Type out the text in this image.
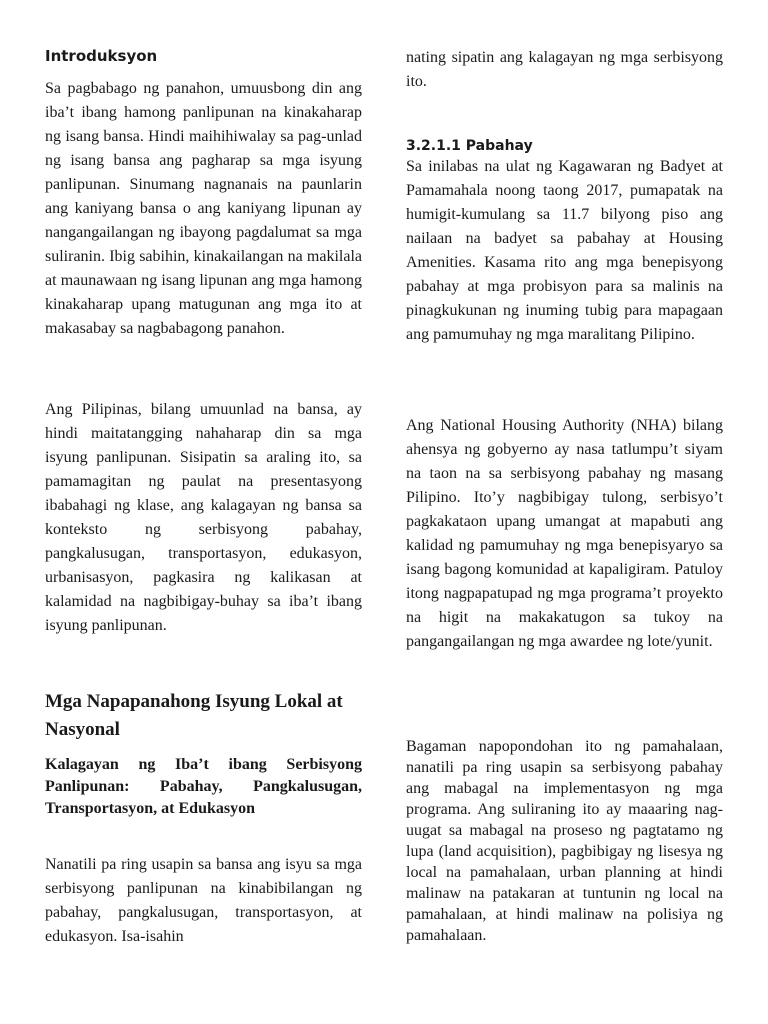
Introduksyon

Sa pagbabago ng panahon, umuusbong din ang iba’t ibang hamong panlipunan na kinakaharap ng isang bansa. Hindi maihihiwalay sa pag-unlad ng isang bansa ang pagharap sa mga isyung panlipunan. Sinumang nagnanais na paunlarin ang kaniyang bansa o ang kaniyang lipunan ay nangangailangan ng ibayong pagdalumat sa mga suliranin. Ibig sabihin, kinakailangan na makilala at maunawaan ng isang lipunan ang mga hamong kinakaharap upang matugunan ang mga ito at makasabay sa nagbabagong panahon.

Ang Pilipinas, bilang umuunlad na bansa, ay hindi maitatangging nahaharap din sa mga isyung panlipunan. Sisipatin sa araling ito, sa pamamagitan ng paulat na presentasyong ibabahagi ng klase, ang kalagayan ng bansa sa konteksto ng serbisyong pabahay, pangkalusugan, transportasyon, edukasyon, urbanisasyon, pagkasira ng kalikasan at kalamidad na nagbibigay-buhay sa iba’t ibang isyung panlipunan.

Mga Napapanahong Isyung Lokal at Nasyonal
Kalagayan ng Iba’t ibang Serbisyong Panlipunan: Pabahay, Pangkalusugan, Transportasyon, at Edukasyon

Nanatili pa ring usapin sa bansa ang isyu sa mga serbisyong panlipunan na kinabibilangan ng pabahay, pangkalusugan, transportasyon, at edukasyon. Isa-isahin

nating sipatin ang kalagayan ng mga serbisyong ito.

3.2.1.1 Pabahay

Sa inilabas na ulat ng Kagawaran ng Badyet at Pamamahala noong taong 2017, pumapatak na humigit-kumulang sa 11.7 bilyong piso ang nailaan na badyet sa pabahay at Housing Amenities. Kasama rito ang mga benepisyong pabahay at mga probisyon para sa malinis na pinagkukunan ng inuming tubig para mapagaan ang pamumuhay ng mga maralitang Pilipino.

Ang National Housing Authority (NHA) bilang ahensya ng gobyerno ay nasa tatlumpu’t siyam na taon na sa serbisyong pabahay ng masang Pilipino. Ito’y nagbibigay tulong, serbisyo’t pagkakataon upang umangat at mapabuti ang kalidad ng pamumuhay ng mga benepisyaryo sa isang bagong komunidad at kapaligiram. Patuloy itong nagpapatupad ng mga programa’t proyekto na higit na makakatugon sa tukoy na pangangailangan ng mga awardee ng lote/yunit.

Bagaman napopondohan ito ng pamahalaan, nanatili pa ring usapin sa serbisyong pabahay ang mabagal na implementasyon ng mga programa. Ang suliraning ito ay maaaring nag-uugat sa mabagal na proseso ng pagtatamo ng lupa (land acquisition), pagbibigay ng lisesya ng local na pamahalaan, urban planning at hindi malinaw na patakaran at tuntunin ng local na pamahalaan, at hindi malinaw na polisiya ng pamahalaan.
